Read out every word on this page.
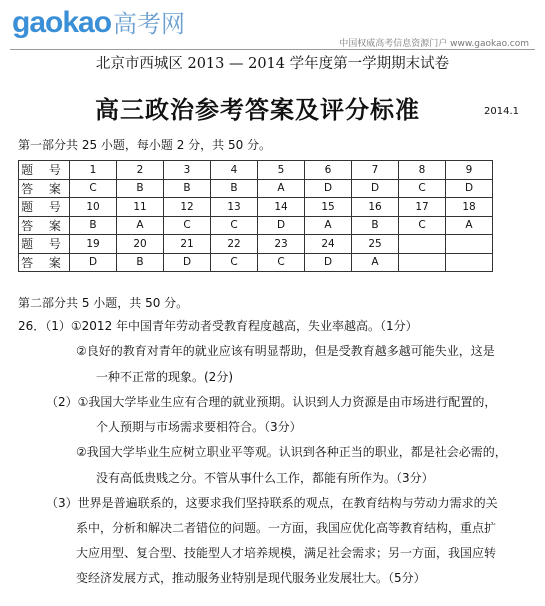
gaokao高考网
中国权威高考信息资源门户 www.gaokao.com
北京市西城区 2013 — 2014 学年度第一学期期末试卷
高三政治参考答案及评分标准	2014.1
第一部分共 25 小题，每小题 2 分，共 50 分。
题 号	1	2	3	4	5	6	7	8	9
答 案	C	B	B	B	A	D	D	C	D
题 号	10	11	12	13	14	15	16	17	18
答 案	B	A	C	C	D	A	B	C	A
题 号	19	20	21	22	23	24	25		
答 案	D	B	D	C	C	D	A		
第二部分共 5 小题，共 50 分。
26．（1）①2012 年中国青年劳动者受教育程度越高，失业率越高。（1分）
②良好的教育对青年的就业应该有明显帮助，但是受教育越多越可能失业，这是
一种不正常的现象。(2分)
（2）①我国大学毕业生应有合理的就业预期。认识到人力资源是由市场进行配置的，
个人预期与市场需求要相符合。（3分）
②我国大学毕业生应树立职业平等观。认识到各种正当的职业，都是社会必需的，
没有高低贵贱之分。不管从事什么工作，都能有所作为。（3分）
（3）世界是普遍联系的，这要求我们坚持联系的观点，在教育结构与劳动力需求的关
系中，分析和解决二者错位的问题。一方面，我国应优化高等教育结构，重点扩
大应用型、复合型、技能型人才培养规模，满足社会需求；另一方面，我国应转
变经济发展方式，推动服务业特别是现代服务业发展壮大。（5分）
